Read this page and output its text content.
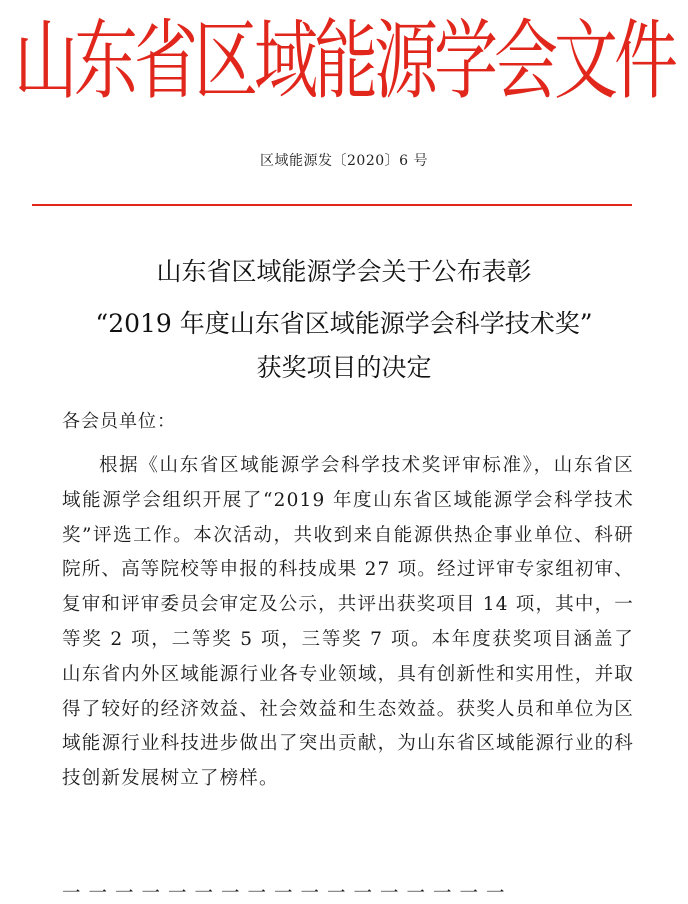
山东省区域能源学会文件
区域能源发〔2020〕6 号
山东省区域能源学会关于公布表彰
“2019 年度山东省区域能源学会科学技术奖”
获奖项目的决定
各会员单位：

根据《山东省区域能源学会科学技术奖评审标准》，山东省区域能源学会组织开展了“2019 年度山东省区域能源学会科学技术奖”评选工作。本次活动，共收到来自能源供热企事业单位、科研院所、高等院校等申报的科技成果 27 项。经过评审专家组初审、复审和评审委员会审定及公示，共评出获奖项目 14 项，其中，一等奖 2 项，二等奖 5 项，三等奖 7 项。本年度获奖项目涵盖了山东省内外区域能源行业各专业领域，具有创新性和实用性，并取得了较好的经济效益、社会效益和生态效益。获奖人员和单位为区域能源行业科技进步做出了突出贡献，为山东省区域能源行业的科技创新发展树立了榜样。

一一一一一一一一一一一一一一一一一
